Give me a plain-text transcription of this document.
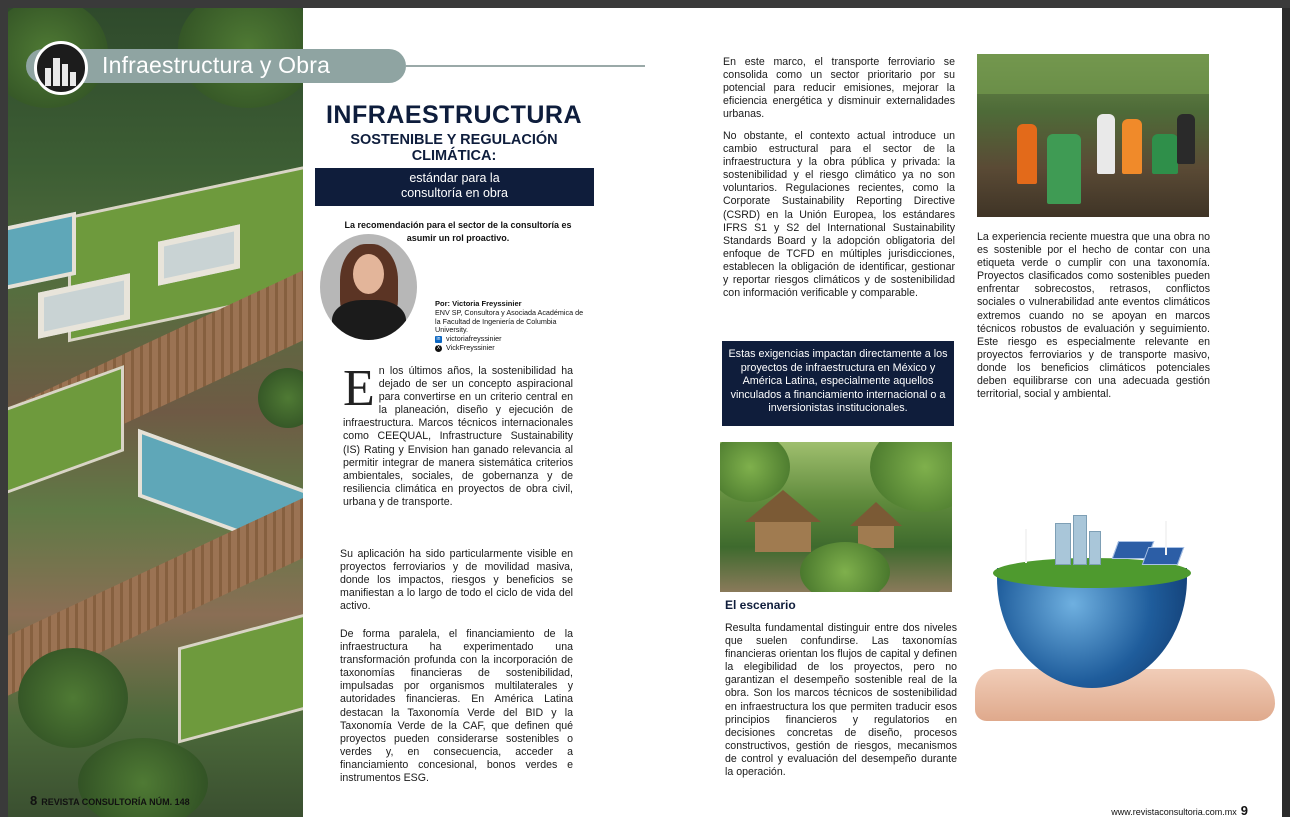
Infraestructura y Obra
INFRAESTRUCTURA
SOSTENIBLE Y REGULACIÓN
CLIMÁTICA:
estándar para la
consultoría en obra
La recomendación para el sector de la consultoría es asumir un rol proactivo.
Por: Victoria Freyssinier
ENV SP, Consultora y Asociada Académica de la Facultad de Ingeniería de Columbia University.
in victoriafreyssinier
X VickFreyssinier
En los últimos años, la sostenibilidad ha dejado de ser un concepto aspiracional para convertirse en un criterio central en la planeación, diseño y ejecución de infraestructura. Marcos técnicos internacionales como CEEQUAL, Infrastructure Sustainability (IS) Rating y Envision han ganado relevancia al permitir integrar de manera sistemática criterios ambientales, sociales, de gobernanza y de resiliencia climática en proyectos de obra civil, urbana y de transporte.
Su aplicación ha sido particularmente visible en proyectos ferroviarios y de movilidad masiva, donde los impactos, riesgos y beneficios se manifiestan a lo largo de todo el ciclo de vida del activo.
De forma paralela, el financiamiento de la infraestructura ha experimentado una transformación profunda con la incorporación de taxonomías financieras de sostenibilidad, impulsadas por organismos multilaterales y autoridades financieras. En América Latina destacan la Taxonomía Verde del BID y la Taxonomía Verde de la CAF, que definen qué proyectos pueden considerarse sostenibles o verdes y, en consecuencia, acceder a financiamiento concesional, bonos verdes e instrumentos ESG.
8 REVISTA CONSULTORÍA NÚM. 148
En este marco, el transporte ferroviario se consolida como un sector prioritario por su potencial para reducir emisiones, mejorar la eficiencia energética y disminuir externalidades urbanas.
No obstante, el contexto actual introduce un cambio estructural para el sector de la infraestructura y la obra pública y privada: la sostenibilidad y el riesgo climático ya no son voluntarios. Regulaciones recientes, como la Corporate Sustainability Reporting Directive (CSRD) en la Unión Europea, los estándares IFRS S1 y S2 del International Sustainability Standards Board y la adopción obligatoria del enfoque de TCFD en múltiples jurisdicciones, establecen la obligación de identificar, gestionar y reportar riesgos climáticos y de sostenibilidad con información verificable y comparable.
Estas exigencias impactan directamente a los proyectos de infraestructura en México y América Latina, especialmente aquellos vinculados a financiamiento internacional o a inversionistas institucionales.
El escenario
Resulta fundamental distinguir entre dos niveles que suelen confundirse. Las taxonomías financieras orientan los flujos de capital y definen la elegibilidad de los proyectos, pero no garantizan el desempeño sostenible real de la obra. Son los marcos técnicos de sostenibilidad en infraestructura los que permiten traducir esos principios financieros y regulatorios en decisiones concretas de diseño, procesos constructivos, gestión de riesgos, mecanismos de control y evaluación del desempeño durante la operación.
La experiencia reciente muestra que una obra no es sostenible por el hecho de contar con una etiqueta verde o cumplir con una taxonomía. Proyectos clasificados como sostenibles pueden enfrentar sobrecostos, retrasos, conflictos sociales o vulnerabilidad ante eventos climáticos extremos cuando no se apoyan en marcos técnicos robustos de evaluación y seguimiento. Este riesgo es especialmente relevante en proyectos ferroviarios y de transporte masivo, donde los beneficios climáticos potenciales deben equilibrarse con una adecuada gestión territorial, social y ambiental.
www.revistaconsultoria.com.mx 9
